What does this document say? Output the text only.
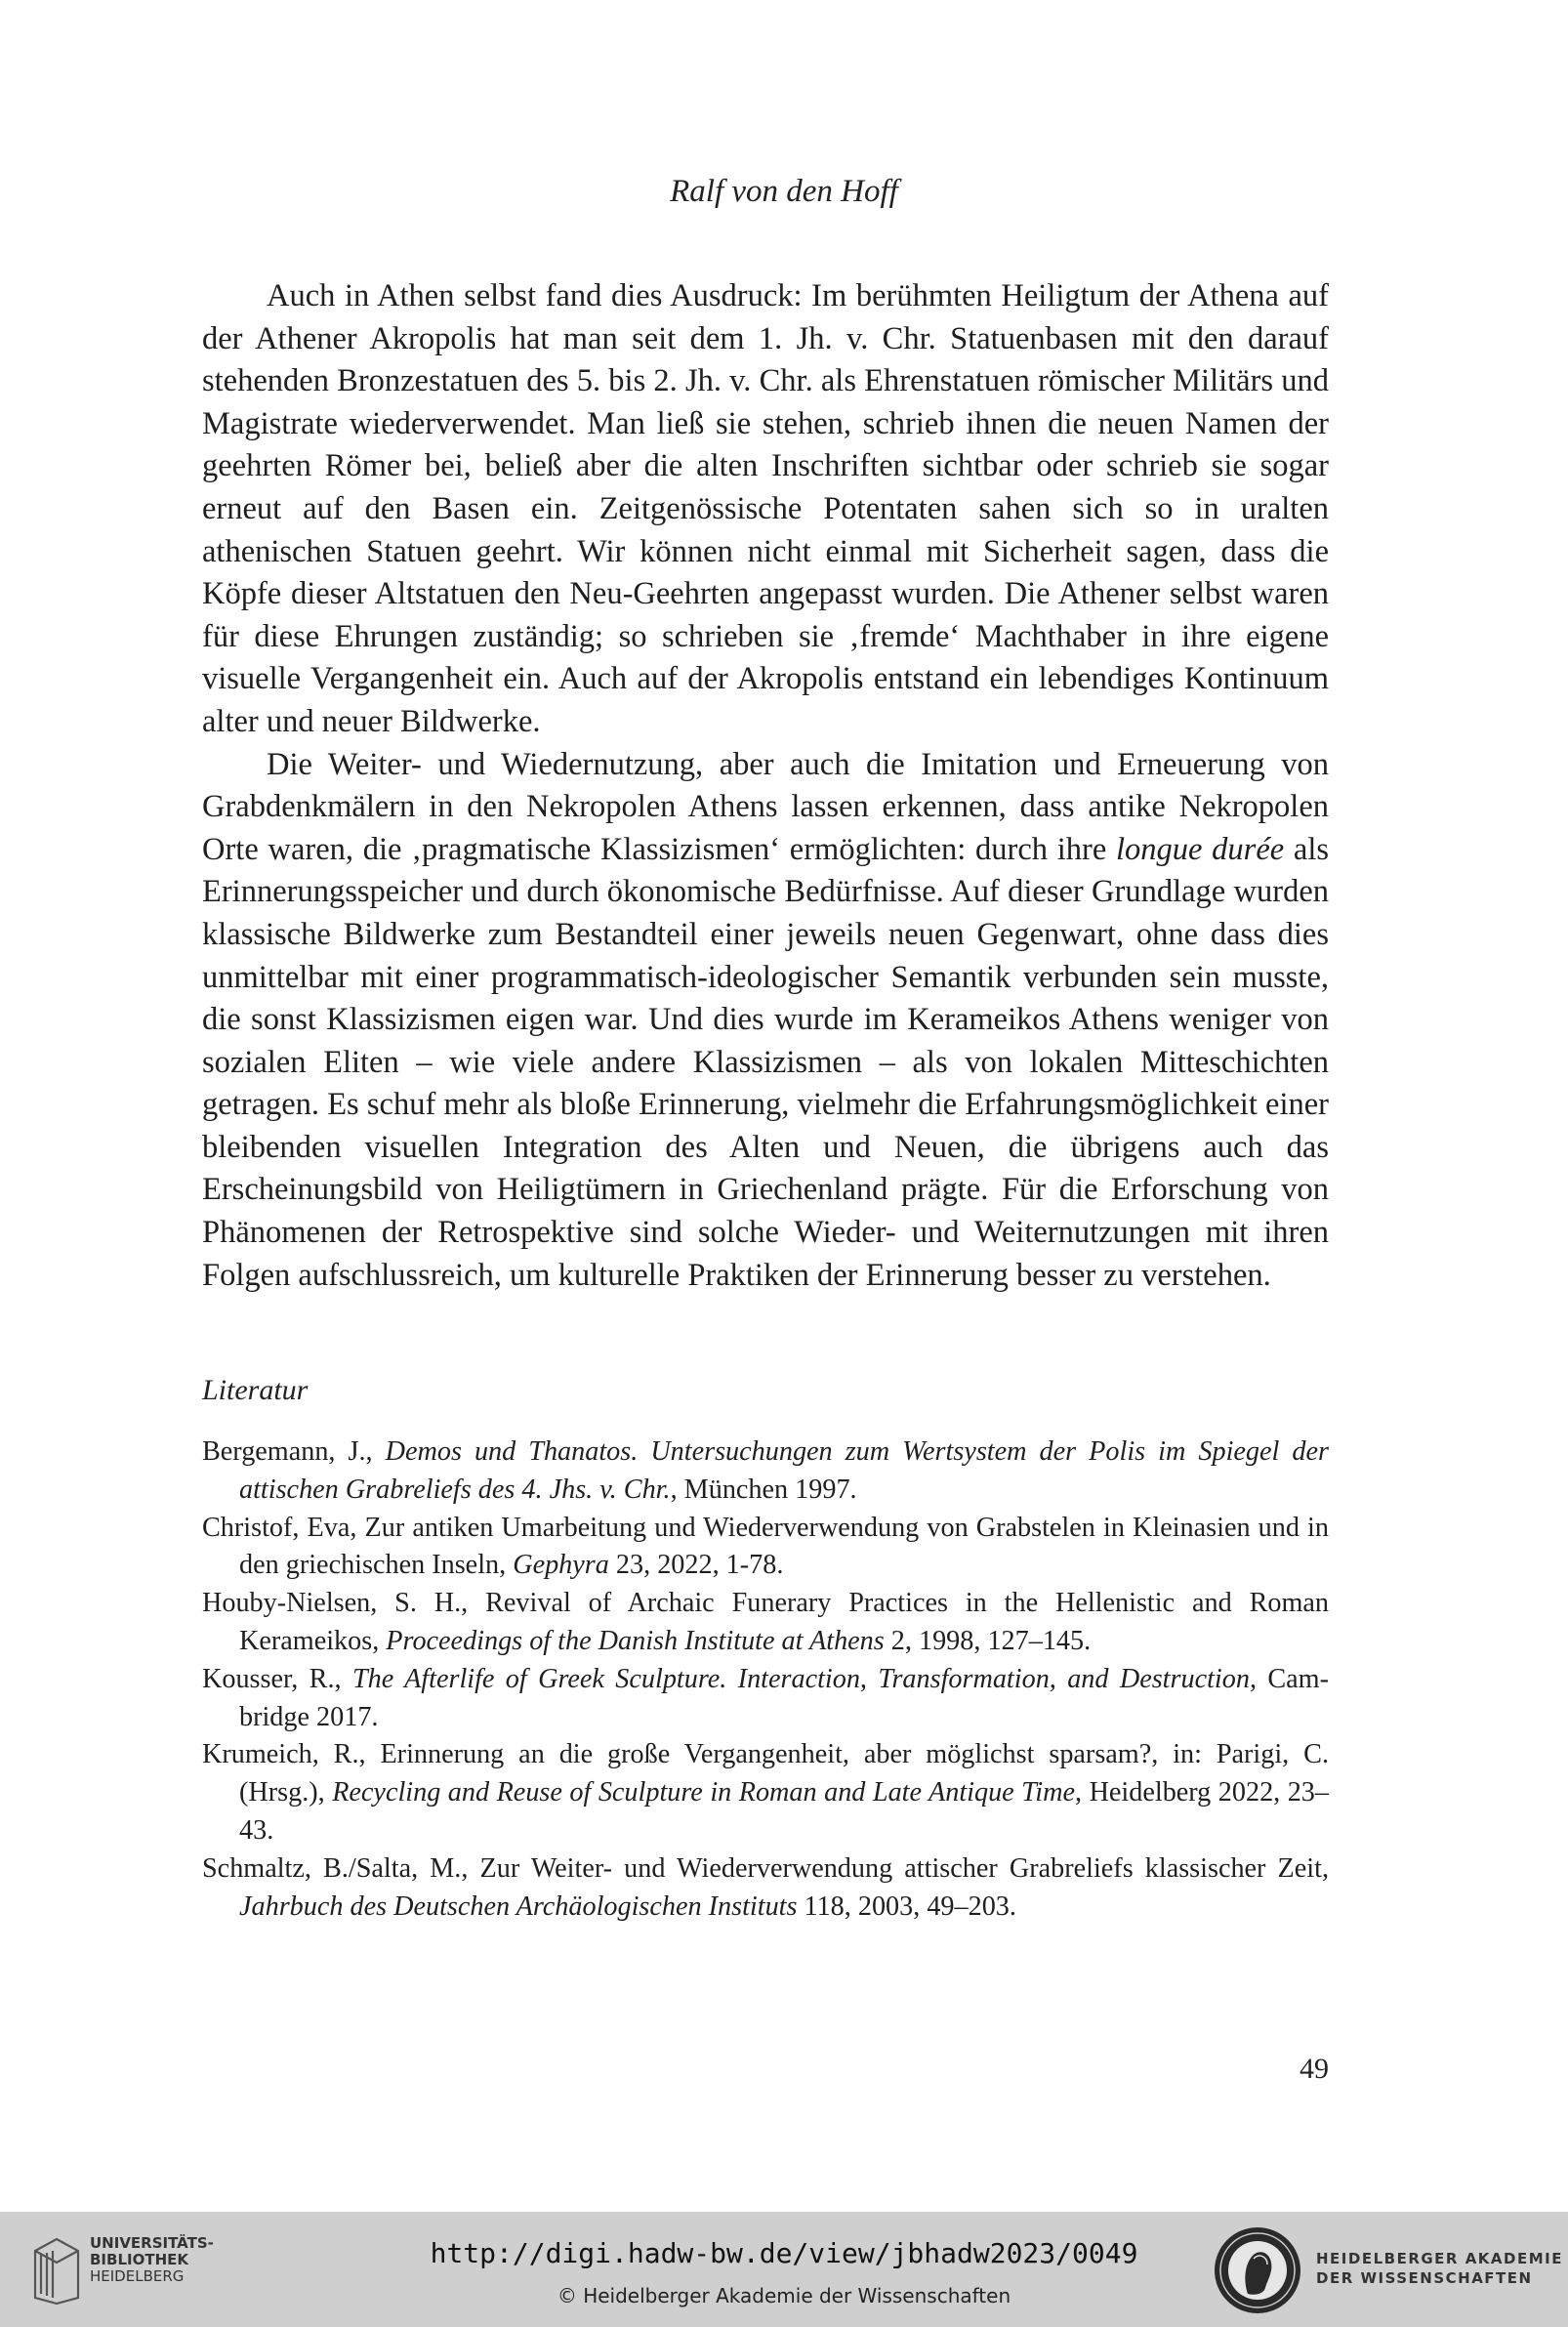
Ralf von den Hoff

Auch in Athen selbst fand dies Ausdruck: Im berühmten Heiligtum der Athena auf der Athener Akropolis hat man seit dem 1. Jh. v. Chr. Statuenbasen mit den darauf stehenden Bronzestatuen des 5. bis 2. Jh. v. Chr. als Ehrenstatuen römischer Militärs und Magistrate wiederverwendet. Man ließ sie stehen, schrieb ihnen die neuen Namen der geehrten Römer bei, beließ aber die alten Inschriften sichtbar oder schrieb sie sogar erneut auf den Basen ein. Zeitgenössische Potentaten sahen sich so in uralten athenischen Statuen geehrt. Wir können nicht einmal mit Sicherheit sagen, dass die Köpfe dieser Altstatuen den Neu-Geehrten angepasst wurden. Die Athener selbst waren für diese Ehrungen zuständig; so schrieben sie ‚fremde‘ Machthaber in ihre eigene visuelle Vergangenheit ein. Auch auf der Akropolis entstand ein lebendiges Kontinuum alter und neuer Bildwerke.

Die Weiter- und Wiedernutzung, aber auch die Imitation und Erneuerung von Grabdenkmälern in den Nekropolen Athens lassen erkennen, dass antike Nekropolen Orte waren, die ‚pragmatische Klassizismen‘ ermöglichten: durch ihre longue durée als Erinnerungsspeicher und durch ökonomische Bedürfnisse. Auf dieser Grundlage wurden klassische Bildwerke zum Bestandteil einer jeweils neuen Gegenwart, ohne dass dies unmittelbar mit einer programmatisch-ideologischer Semantik verbunden sein musste, die sonst Klassizismen eigen war. Und dies wurde im Kerameikos Athens weniger von sozialen Eliten – wie viele andere Klassizismen – als von lokalen Mitteschichten getragen. Es schuf mehr als bloße Erinnerung, vielmehr die Erfahrungsmöglichkeit einer bleibenden visuellen Integration des Alten und Neuen, die übrigens auch das Erscheinungsbild von Heiligtümern in Griechenland prägte. Für die Erforschung von Phänomenen der Retrospektive sind solche Wieder- und Weiternutzungen mit ihren Folgen aufschlussreich, um kulturelle Praktiken der Erinnerung besser zu verstehen.

Literatur
Bergemann, J., Demos und Thanatos. Untersuchungen zum Wertsystem der Polis im Spiegel der attischen Grabreliefs des 4. Jhs. v. Chr., München 1997.
Christof, Eva, Zur antiken Umarbeitung und Wiederverwendung von Grabstelen in Kleinasien und in den griechischen Inseln, Gephyra 23, 2022, 1-78.
Houby-Nielsen, S. H., Revival of Archaic Funerary Practices in the Hellenistic and Roman Kerameikos, Proceedings of the Danish Institute at Athens 2, 1998, 127–145.
Kousser, R., The Afterlife of Greek Sculpture. Interaction, Transformation, and Destruction, Cambridge 2017.
Krumeich, R., Erinnerung an die große Vergangenheit, aber möglichst sparsam?, in: Parigi, C. (Hrsg.), Recycling and Reuse of Sculpture in Roman and Late Antique Time, Heidelberg 2022, 23–43.
Schmaltz, B./Salta, M., Zur Weiter- und Wiederverwendung attischer Grabreliefs klassischer Zeit, Jahrbuch des Deutschen Archäologischen Instituts 118, 2003, 49–203.
49
UNIVERSITÄTS-
BIBLIOTHEK
HEIDELBERG
http://digi.hadw-bw.de/view/jbhadw2023/0049
© Heidelberger Akademie der Wissenschaften
HEIDELBERGER AKADEMIE
DER WISSENSCHAFTEN
